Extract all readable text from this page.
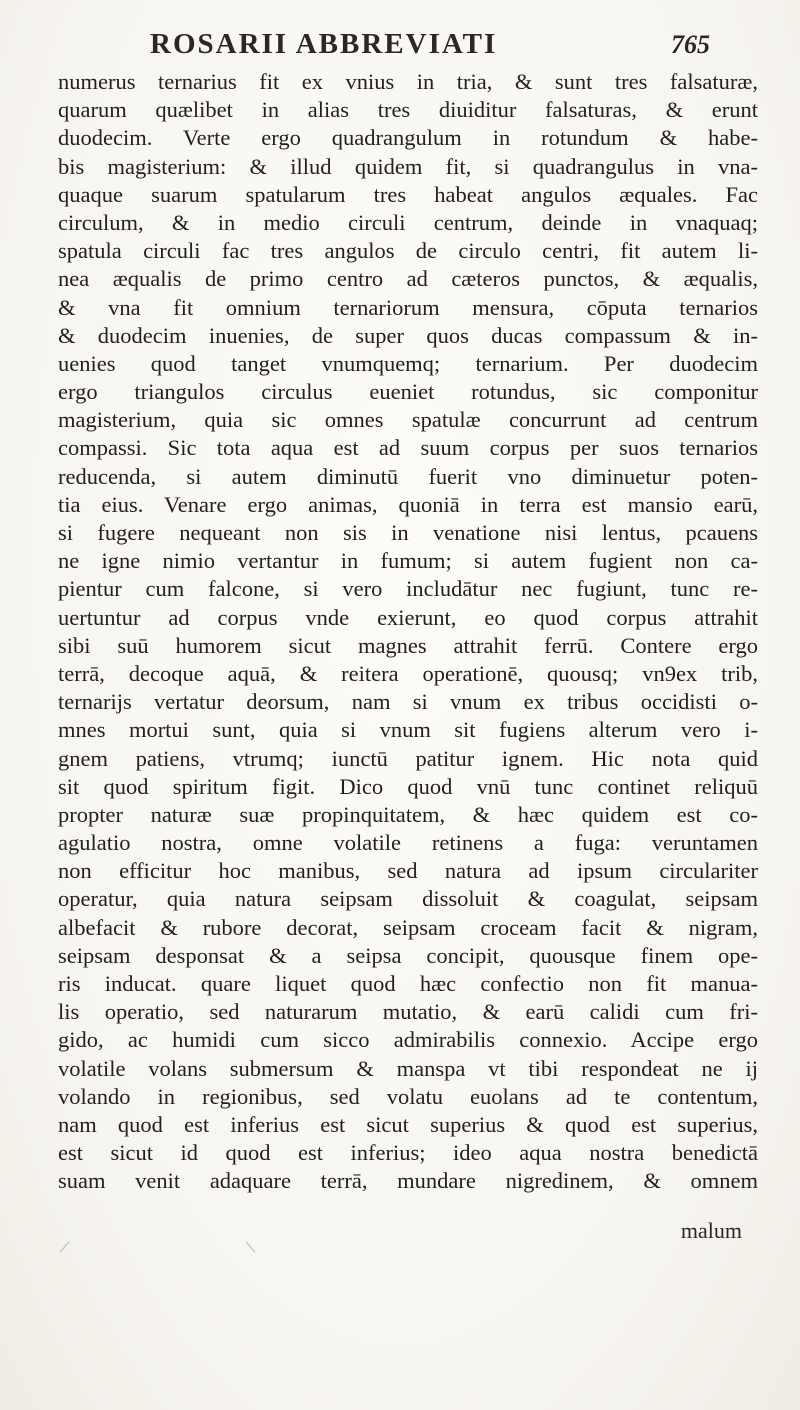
ROSARII ABBREVIATI	765
numerus ternarius fit ex vnius in tria, & sunt tres falsaturæ,
quarum quælibet in alias tres diuiditur falsaturas, & erunt
duodecim. Verte ergo quadrangulum in rotundum & habe-
bis magisterium: & illud quidem fit, si quadrangulus in vna-
quaque suarum spatularum tres habeat angulos æquales. Fac
circulum, & in medio circuli centrum, deinde in vnaquaq;
spatula circuli fac tres angulos de circulo centri, fit autem li-
nea æqualis de primo centro ad cæteros punctos, & æqualis,
& vna fit omnium ternariorum mensura, cōputa ternarios
& duodecim inuenies, de super quos ducas compassum & in-
uenies quod tanget vnumquemq; ternarium. Per duodecim
ergo triangulos circulus eueniet rotundus, sic componitur
magisterium, quia sic omnes spatulæ concurrunt ad centrum
compassi. Sic tota aqua est ad suum corpus per suos ternarios
reducenda, si autem diminutū fuerit vno diminuetur poten-
tia eius. Venare ergo animas, quoniā in terra est mansio earū,
si fugere nequeant non sis in venatione nisi lentus, pcauens
ne igne nimio vertantur in fumum; si autem fugient non ca-
pientur cum falcone, si vero includātur nec fugiunt, tunc re-
uertuntur ad corpus vnde exierunt, eo quod corpus attrahit
sibi suū humorem sicut magnes attrahit ferrū. Contere ergo
terrā, decoque aquā, & reitera operationē, quousq; vn9ex trib,
ternarijs vertatur deorsum, nam si vnum ex tribus occidisti o-
mnes mortui sunt, quia si vnum sit fugiens alterum vero i-
gnem patiens, vtrumq; iunctū patitur ignem. Hic nota quid
sit quod spiritum figit. Dico quod vnū tunc continet reliquū
propter naturæ suæ propinquitatem, & hæc quidem est co-
agulatio nostra, omne volatile retinens a fuga: veruntamen
non efficitur hoc manibus, sed natura ad ipsum circulariter
operatur, quia natura seipsam dissoluit & coagulat, seipsam
albefacit & rubore decorat, seipsam croceam facit & nigram,
seipsam desponsat & a seipsa concipit, quousque finem ope-
ris inducat. quare liquet quod hæc confectio non fit manua-
lis operatio, sed naturarum mutatio, & earū calidi cum fri-
gido, ac humidi cum sicco admirabilis connexio. Accipe ergo
volatile volans submersum & manspa vt tibi respondeat ne ij
volando in regionibus, sed volatu euolans ad te contentum,
nam quod est inferius est sicut superius & quod est superius,
est sicut id quod est inferius; ideo aqua nostra benedictā
suam venit adaquare terrā, mundare nigredinem, & omnem
malum
